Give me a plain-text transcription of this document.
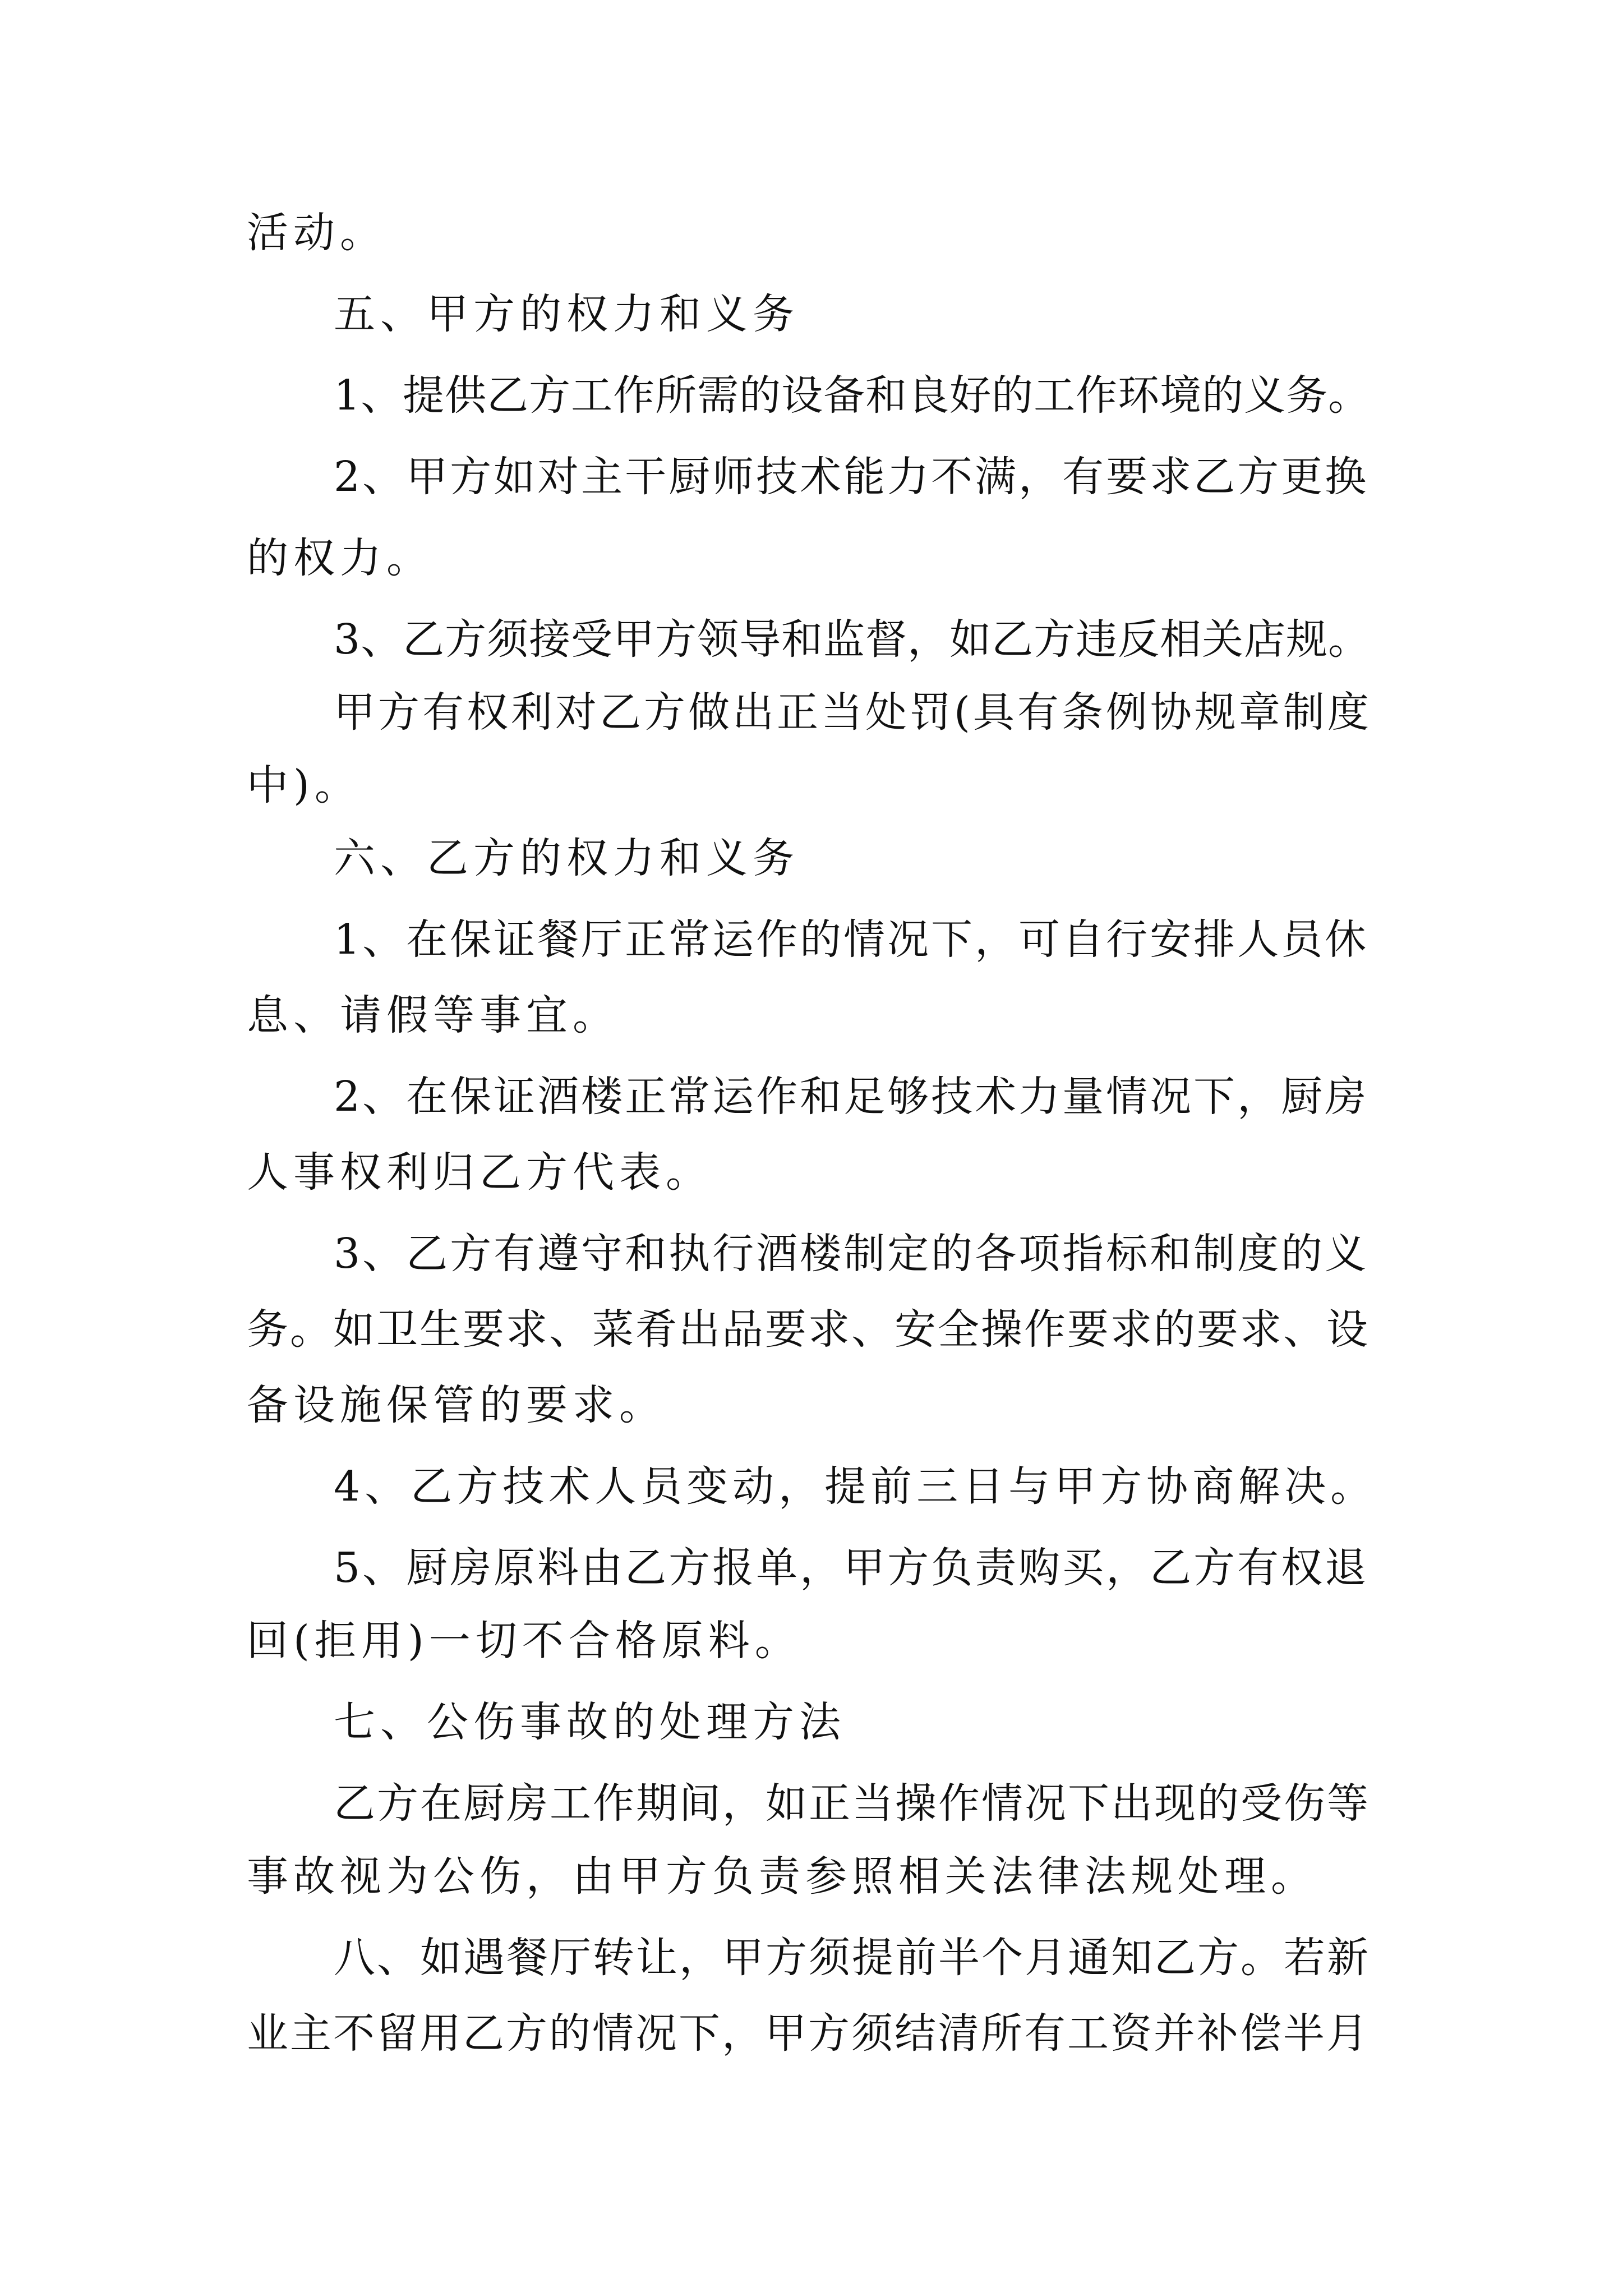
活动。

五、甲方的权力和义务

1、提供乙方工作所需的设备和良好的工作环境的义务。

2、甲方如对主干厨师技术能力不满，有要求乙方更换

的权力。

3、乙方须接受甲方领导和监督，如乙方违反相关店规。

甲方有权利对乙方做出正当处罚(具有条例协规章制度

中)。

六、乙方的权力和义务

1、在保证餐厅正常运作的情况下，可自行安排人员休

息、请假等事宜。

2、在保证酒楼正常运作和足够技术力量情况下，厨房

人事权利归乙方代表。

3、乙方有遵守和执行酒楼制定的各项指标和制度的义

务。如卫生要求、菜肴出品要求、安全操作要求的要求、设

备设施保管的要求。

4、乙方技术人员变动，提前三日与甲方协商解决。

5、厨房原料由乙方报单，甲方负责购买，乙方有权退

回(拒用)一切不合格原料。

七、公伤事故的处理方法

乙方在厨房工作期间，如正当操作情况下出现的受伤等

事故视为公伤，由甲方负责参照相关法律法规处理。

八、如遇餐厅转让，甲方须提前半个月通知乙方。若新

业主不留用乙方的情况下，甲方须结清所有工资并补偿半月
